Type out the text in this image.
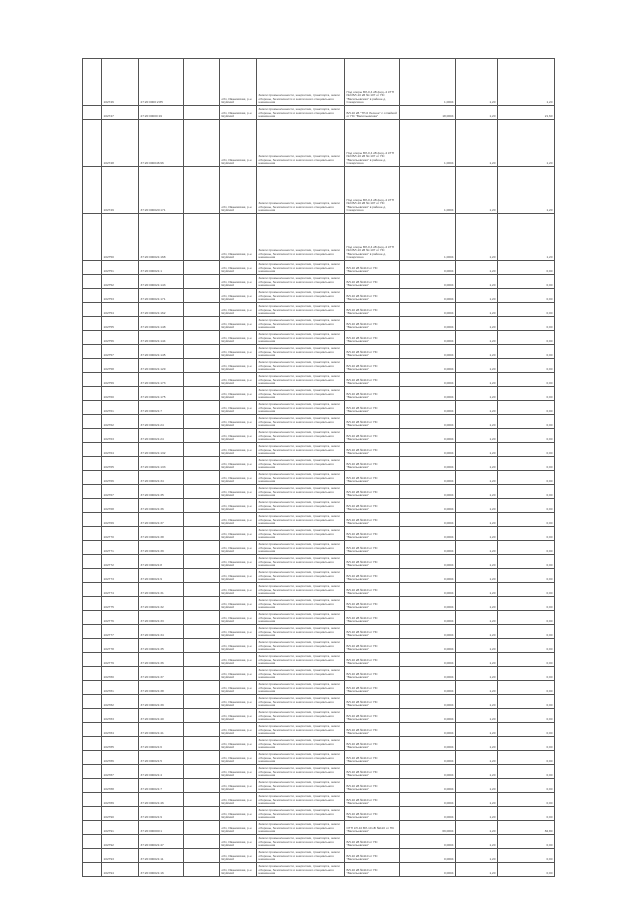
102746	27:20:0000:2:85
обл. Ивановская, р-н Шуйский
Земли промышленности, энергетики, транспорта, земли обороны, безопасности и земли иного специального назначения
Под опоры ВЛ-0,4 кВ фид.-2 КТП №3 ВЛ-10 кВ № 107 от ПС "Васильевская" в районе д. Сокарсхино	1,0004	1,20	1,20
102747	27:20:00000:19
обл. Ивановская, р-н Шуйский
Земли промышленности, энергетики, транспорта, земли обороны, безопасности и земли иного специального назначения
ВЛ-10 кВ "ТП-6 Лесное" с отпайкой от ПС "Васильевская"	18,0004	1,20	21,60
102748	37:20:000046:96
обл. Ивановская, р-н Шуйский
Земли промышленности, энергетики, транспорта, земли обороны, безопасности и земли иного специального назначения
Под опоры ВЛ-0,4 кВ фид.-2 КТП №3 ВЛ-10 кВ № 107 от ПС "Васильевская" в районе д. Сокарсхино	1,0004	1,20	1,20
102749	37:20:000020:171
обл. Ивановская, р-н Шуйский
Земли промышленности, энергетики, транспорта, земли обороны, безопасности и земли иного специального назначения
Под опоры ВЛ-0,4 кВ фид.-2 КТП №3 ВЛ-10 кВ № 107 от ПС "Васильевская" в районе д. Сокарсхино	1,0004	1,20	1,20
102750	37:20:000021:168
обл. Ивановская, р-н Шуйский
Земли промышленности, энергетики, транспорта, земли обороны, безопасности и земли иного специального назначения
Под опоры ВЛ-0,4 кВ фид.-2 КТП №3 ВЛ-10 кВ № 107 от ПС "Васильевская" в районе д. Сокарсхино	1,0004	1,20	1,20
102751	37:20:000021:1
обл. Ивановская, р-н Шуйский
Земли промышленности, энергетики, транспорта, земли обороны, безопасности и земли иного специального назначения
ВЛ-10 кВ №110 от ПС "Васильевская"	0,0004	1,20	0,00
102752	37:20:000021:143
обл. Ивановская, р-н Шуйский
Земли промышленности, энергетики, транспорта, земли обороны, безопасности и земли иного специального назначения
ВЛ-10 кВ №110 от ПС "Васильевская"	0,0004	1,20	0,00
102753	37:20:000021:171
обл. Ивановская, р-н Шуйский
Земли промышленности, энергетики, транспорта, земли обороны, безопасности и земли иного специального назначения
ВЛ-10 кВ №110 от ПС "Васильевская"	0,0004	1,20	0,00
102754	37:20:000021:162
обл. Ивановская, р-н Шуйский
Земли промышленности, энергетики, транспорта, земли обороны, безопасности и земли иного специального назначения
ВЛ-10 кВ №110 от ПС "Васильевская"	0,0004	1,20	0,00
102755	37:20:000021:148
обл. Ивановская, р-н Шуйский
Земли промышленности, энергетики, транспорта, земли обороны, безопасности и земли иного специального назначения
ВЛ-10 кВ №110 от ПС "Васильевская"	0,0004	1,20	0,00
102756	37:20:000021:144
обл. Ивановская, р-н Шуйский
Земли промышленности, энергетики, транспорта, земли обороны, безопасности и земли иного специального назначения
ВЛ-10 кВ №110 от ПС "Васильевская"	0,0004	1,20	0,00
102757	37:20:000021:145
обл. Ивановская, р-н Шуйский
Земли промышленности, энергетики, транспорта, земли обороны, безопасности и земли иного специального назначения
ВЛ-10 кВ №110 от ПС "Васильевская"	0,0004	1,20	0,00
102758	37:20:000021:129
обл. Ивановская, р-н Шуйский
Земли промышленности, энергетики, транспорта, земли обороны, безопасности и земли иного специального назначения
ВЛ-10 кВ №110 от ПС "Васильевская"	0,0004	1,20	0,00
102759	37:20:000021:173
обл. Ивановская, р-н Шуйский
Земли промышленности, энергетики, транспорта, земли обороны, безопасности и земли иного специального назначения
ВЛ-10 кВ №110 от ПС "Васильевская"	0,0004	1,20	0,00
102760	37:20:000021:175
обл. Ивановская, р-н Шуйский
Земли промышленности, энергетики, транспорта, земли обороны, безопасности и земли иного специального назначения
ВЛ-10 кВ №110 от ПС "Васильевская"	0,0004	1,20	0,00
102761	37:20:000021:7
обл. Ивановская, р-н Шуйский
Земли промышленности, энергетики, транспорта, земли обороны, безопасности и земли иного специального назначения
ВЛ-10 кВ №110 от ПС "Васильевская"	0,0004	1,20	0,00
102762	37:20:000021:24
обл. Ивановская, р-н Шуйский
Земли промышленности, энергетики, транспорта, земли обороны, безопасности и земли иного специального назначения
ВЛ-10 кВ №110 от ПС "Васильевская"	0,0004	1,20	0,00
102763	37:20:000021:24
обл. Ивановская, р-н Шуйский
Земли промышленности, энергетики, транспорта, земли обороны, безопасности и земли иного специального назначения
ВЛ-10 кВ №110 от ПС "Васильевская"	0,0004	1,20	0,00
102764	37:20:000021:132
обл. Ивановская, р-н Шуйский
Земли промышленности, энергетики, транспорта, земли обороны, безопасности и земли иного специального назначения
ВЛ-10 кВ №110 от ПС "Васильевская"	0,0004	1,20	0,00
102765	37:20:000021:133
обл. Ивановская, р-н Шуйский
Земли промышленности, энергетики, транспорта, земли обороны, безопасности и земли иного специального назначения
ВЛ-10 кВ №110 от ПС "Васильевская"	0,0004	1,20	0,00
102766	37:20:000021:34
обл. Ивановская, р-н Шуйский
Земли промышленности, энергетики, транспорта, земли обороны, безопасности и земли иного специального назначения
ВЛ-10 кВ №110 от ПС "Васильевская"	0,0004	1,20	0,00
102767	37:20:000021:35
обл. Ивановская, р-н Шуйский
Земли промышленности, энергетики, транспорта, земли обороны, безопасности и земли иного специального назначения
ВЛ-10 кВ №110 от ПС "Васильевская"	0,0004	1,20	0,00
102768	37:20:000021:36
обл. Ивановская, р-н Шуйский
Земли промышленности, энергетики, транспорта, земли обороны, безопасности и земли иного специального назначения
ВЛ-10 кВ №110 от ПС "Васильевская"	0,0004	1,20	0,00
102769	37:20:000021:37
обл. Ивановская, р-н Шуйский
Земли промышленности, энергетики, транспорта, земли обороны, безопасности и земли иного специального назначения
ВЛ-10 кВ №110 от ПС "Васильевская"	0,0004	1,20	0,00
102770	37:20:000021:38
обл. Ивановская, р-н Шуйский
Земли промышленности, энергетики, транспорта, земли обороны, безопасности и земли иного специального назначения
ВЛ-10 кВ №110 от ПС "Васильевская"	0,0004	1,20	0,00
102771	37:20:000021:39
обл. Ивановская, р-н Шуйский
Земли промышленности, энергетики, транспорта, земли обороны, безопасности и земли иного специального назначения
ВЛ-10 кВ №110 от ПС "Васильевская"	0,0004	1,20	0,00
102772	37:20:000021:8
обл. Ивановская, р-н Шуйский
Земли промышленности, энергетики, транспорта, земли обороны, безопасности и земли иного специального назначения
ВЛ-10 кВ №110 от ПС "Васильевская"	0,0004	1,20	0,00
102773	37:20:000021:9
обл. Ивановская, р-н Шуйский
Земли промышленности, энергетики, транспорта, земли обороны, безопасности и земли иного специального назначения
ВЛ-10 кВ №110 от ПС "Васильевская"	0,0004	1,20	0,00
102774	37:20:000021:31
обл. Ивановская, р-н Шуйский
Земли промышленности, энергетики, транспорта, земли обороны, безопасности и земли иного специального назначения
ВЛ-10 кВ №110 от ПС "Васильевская"	0,0004	1,20	0,00
102775	37:20:000021:32
обл. Ивановская, р-н Шуйский
Земли промышленности, энергетики, транспорта, земли обороны, безопасности и земли иного специального назначения
ВЛ-10 кВ №110 от ПС "Васильевская"	0,0004	1,20	0,00
102776	37:20:000021:33
обл. Ивановская, р-н Шуйский
Земли промышленности, энергетики, транспорта, земли обороны, безопасности и земли иного специального назначения
ВЛ-10 кВ №110 от ПС "Васильевская"	0,0004	1,20	0,00
102777	37:20:000021:34
обл. Ивановская, р-н Шуйский
Земли промышленности, энергетики, транспорта, земли обороны, безопасности и земли иного специального назначения
ВЛ-10 кВ №110 от ПС "Васильевская"	0,0004	1,20	0,00
102778	37:20:000021:35
обл. Ивановская, р-н Шуйский
Земли промышленности, энергетики, транспорта, земли обороны, безопасности и земли иного специального назначения
ВЛ-10 кВ №110 от ПС "Васильевская"	0,0004	1,20	0,00
102779	37:20:000021:36
обл. Ивановская, р-н Шуйский
Земли промышленности, энергетики, транспорта, земли обороны, безопасности и земли иного специального назначения
ВЛ-10 кВ №110 от ПС "Васильевская"	0,0004	1,20	0,00
102780	37:20:000021:37
обл. Ивановская, р-н Шуйский
Земли промышленности, энергетики, транспорта, земли обороны, безопасности и земли иного специального назначения
ВЛ-10 кВ №110 от ПС "Васильевская"	0,0004	1,20	0,00
102781	37:20:000021:38
обл. Ивановская, р-н Шуйский
Земли промышленности, энергетики, транспорта, земли обороны, безопасности и земли иного специального назначения
ВЛ-10 кВ №110 от ПС "Васильевская"	0,0004	1,20	0,00
102782	37:20:000021:39
обл. Ивановская, р-н Шуйский
Земли промышленности, энергетики, транспорта, земли обороны, безопасности и земли иного специального назначения
ВЛ-10 кВ №110 от ПС "Васильевская"	0,0004	1,20	0,00
102783	37:20:000021:40
обл. Ивановская, р-н Шуйский
Земли промышленности, энергетики, транспорта, земли обороны, безопасности и земли иного специального назначения
ВЛ-10 кВ №110 от ПС "Васильевская"	0,0004	1,20	0,00
102784	37:20:000021:41
обл. Ивановская, р-н Шуйский
Земли промышленности, энергетики, транспорта, земли обороны, безопасности и земли иного специального назначения
ВЛ-10 кВ №110 от ПС "Васильевская"	0,0004	1,20	0,00
102785	37:20:000021:6
обл. Ивановская, р-н Шуйский
Земли промышленности, энергетики, транспорта, земли обороны, безопасности и земли иного специального назначения
ВЛ-10 кВ №110 от ПС "Васильевская"	0,0004	1,20	0,00
102786	37:20:000021:5
обл. Ивановская, р-н Шуйский
Земли промышленности, энергетики, транспорта, земли обороны, безопасности и земли иного специального назначения
ВЛ-10 кВ №110 от ПС "Васильевская"	0,0004	1,20	0,00
102787	37:20:000021:4
обл. Ивановская, р-н Шуйский
Земли промышленности, энергетики, транспорта, земли обороны, безопасности и земли иного специального назначения
ВЛ-10 кВ №110 от ПС "Васильевская"	0,0004	1,20	0,00
102788	37:20:000021:7
обл. Ивановская, р-н Шуйский
Земли промышленности, энергетики, транспорта, земли обороны, безопасности и земли иного специального назначения
ВЛ-10 кВ №110 от ПС "Васильевская"	0,0004	1,20	0,00
102789	37:20:000021:46
обл. Ивановская, р-н Шуйский
Земли промышленности, энергетики, транспорта, земли обороны, безопасности и земли иного специального назначения
ВЛ-10 кВ №110 от ПС "Васильевская"	0,0004	1,20	0,00
102790	37:20:000021:9
обл. Ивановская, р-н Шуйский
Земли промышленности, энергетики, транспорта, земли обороны, безопасности и земли иного специального назначения
ВЛ-10 кВ №110 от ПС "Васильевская"	0,0004	1,20	0,00
102791	37:20:000000:1
обл. Ивановская, р-н Шуйский
Земли промышленности, энергетики, транспорта, земли обороны, безопасности и земли иного специального назначения
ОТП КЛ-10 ВЛ-10 кВ №110 от ПС "Васильевская"	69,0004	1,20	82,80
102792	37:20:000021:47
обл. Ивановская, р-н Шуйский
Земли промышленности, энергетики, транспорта, земли обороны, безопасности и земли иного специального назначения
ВЛ-10 кВ №110 от ПС "Васильевская"	0,0004	1,20	0,00
102793	37:20:000021:11
обл. Ивановская, р-н Шуйский
Земли промышленности, энергетики, транспорта, земли обороны, безопасности и земли иного специального назначения
ВЛ-10 кВ №110 от ПС "Васильевская"	0,0004	1,20	0,00
102794	37:20:000021:16
обл. Ивановская, р-н Шуйский
Земли промышленности, энергетики, транспорта, земли обороны, безопасности и земли иного специального назначения
ВЛ-10 кВ №110 от ПС "Васильевская"	0,0004	1,20	0,00
